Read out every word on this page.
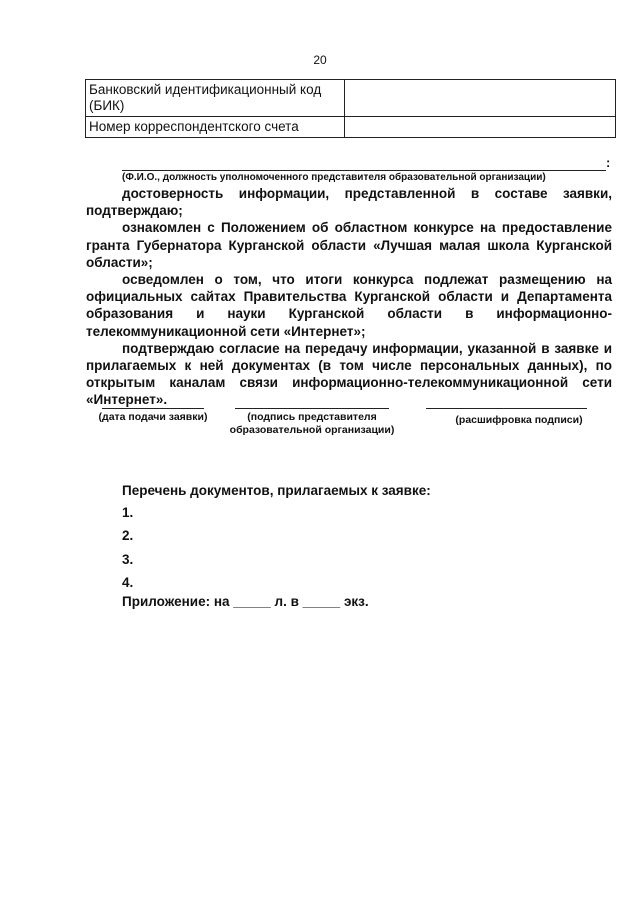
20
Банковский идентификационный код (БИК)	
Номер корреспондентского счета	
:
(Ф.И.О., должность уполномоченного представителя образовательной организации)

достоверность информации, представленной в составе заявки, подтверждаю;

ознакомлен с Положением об областном конкурсе на предоставление гранта Губернатора Курганской области «Лучшая малая школа Курганской области»;

осведомлен о том, что итоги конкурса подлежат размещению на официальных сайтах Правительства Курганской области и Департамента образования и науки Курганской области в информационно-телекоммуникационной сети «Интернет»;

подтверждаю согласие на передачу информации, указанной в заявке и прилагаемых к ней документах (в том числе персональных данных), по открытым каналам связи информационно-телекоммуникационной сети «Интернет».

(дата подачи заявки)	(подпись представителя
образовательной организации)
(расшифровка подписи)
Перечень документов, прилагаемых к заявке:
1.
2.
3.
4.
Приложение: на _____ л. в _____ экз.
